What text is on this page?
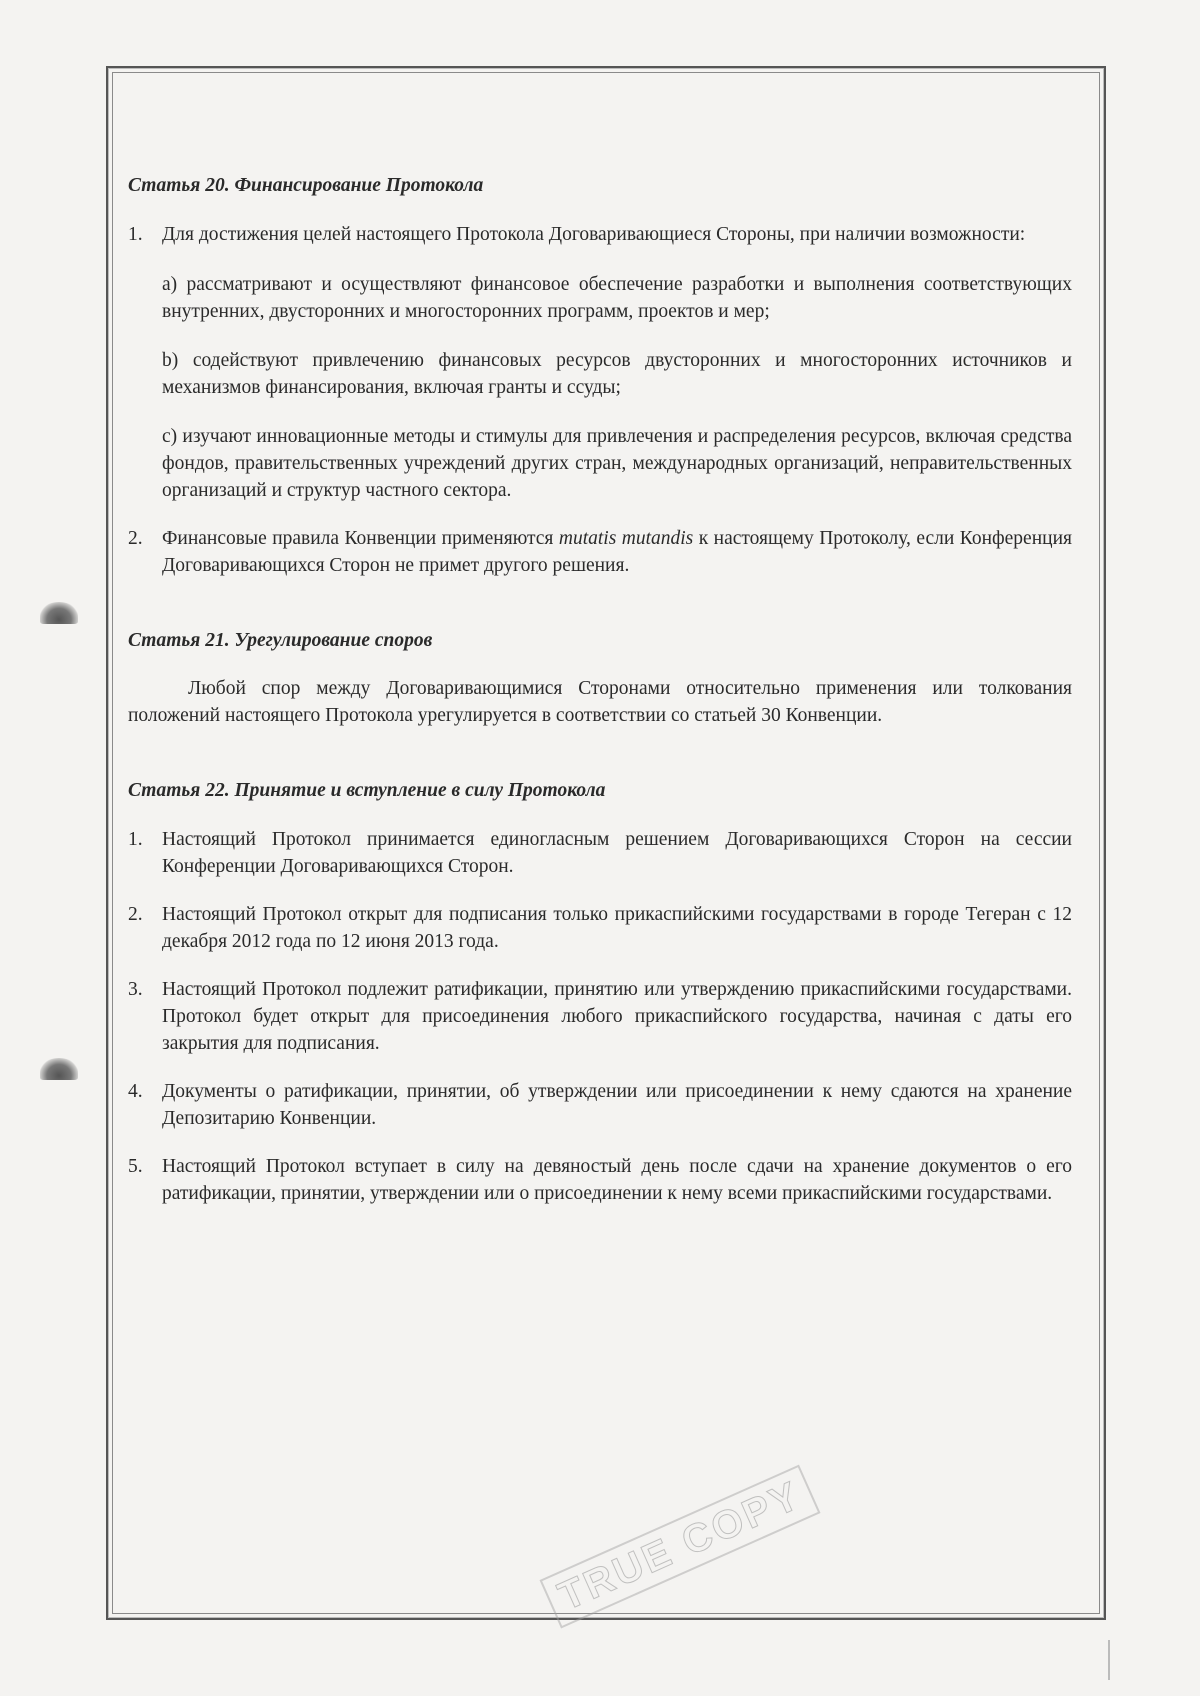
Статья 20. Финансирование Протокола
1. Для достижения целей настоящего Протокола Договаривающиеся Стороны, при наличии возможности:

a) рассматривают и осуществляют финансовое обеспечение разработки и выполнения соответствующих внутренних, двусторонних и многосторонних программ, проектов и мер;

b) содействуют привлечению финансовых ресурсов двусторонних и многосторонних источников и механизмов финансирования, включая гранты и ссуды;

c) изучают инновационные методы и стимулы для привлечения и распределения ресурсов, включая средства фондов, правительственных учреждений других стран, международных организаций, неправительственных организаций и структур частного сектора.

2. Финансовые правила Конвенции применяются mutatis mutandis к настоящему Протоколу, если Конференция Договаривающихся Сторон не примет другого решения.
Статья 21. Урегулирование споров

Любой спор между Договаривающимися Сторонами относительно применения или толкования положений настоящего Протокола урегулируется в соответствии со статьей 30 Конвенции.

Статья 22. Принятие и вступление в силу Протокола
1. Настоящий Протокол принимается единогласным решением Договаривающихся Сторон на сессии Конференции Договаривающихся Сторон.
2. Настоящий Протокол открыт для подписания только прикаспийскими государствами в городе Тегеран с 12 декабря 2012 года по 12 июня 2013 года.
3. Настоящий Протокол подлежит ратификации, принятию или утверждению прикаспийскими государствами. Протокол будет открыт для присоединения любого прикаспийского государства, начиная с даты его закрытия для подписания.
4. Документы о ратификации, принятии, об утверждении или присоединении к нему сдаются на хранение Депозитарию Конвенции.
5. Настоящий Протокол вступает в силу на девяностый день после сдачи на хранение документов о его ратификации, принятии, утверждении или о присоединении к нему всеми прикаспийскими государствами.
TRUE COPY
